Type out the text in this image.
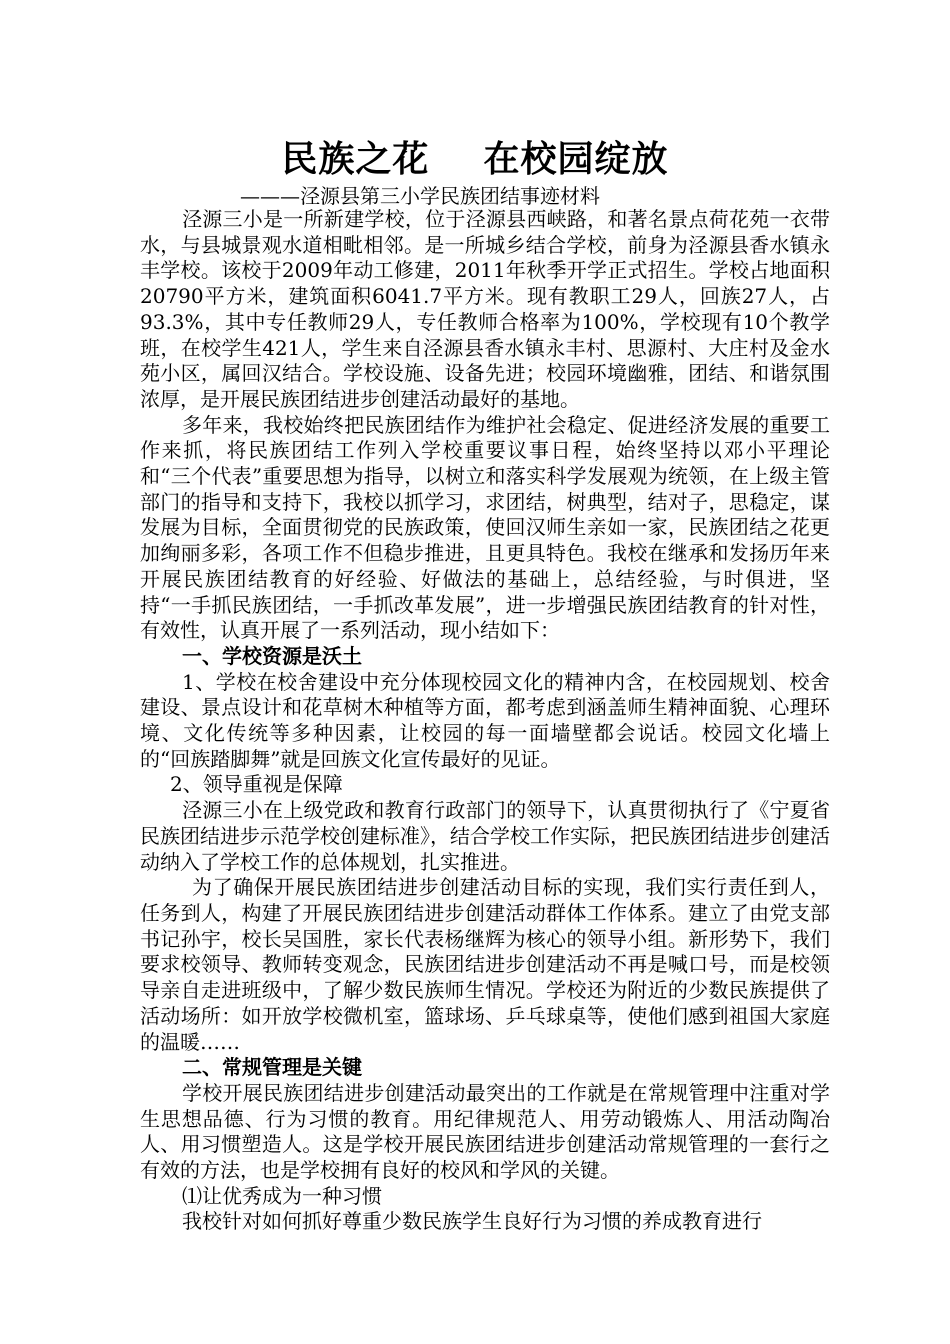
民族之花    在校园绽放

———泾源县第三小学民族团结事迹材料

泾源三小是一所新建学校，位于泾源县西峡路，和著名景点荷花苑一衣带水，与县城景观水道相毗相邻。是一所城乡结合学校，前身为泾源县香水镇永丰学校。该校于2009年动工修建，2011年秋季开学正式招生。学校占地面积20790平方米，建筑面积6041.7平方米。现有教职工29人，回族27人，占93.3%，其中专任教师29人，专任教师合格率为100%，学校现有10个教学班，在校学生421人，学生来自泾源县香水镇永丰村、思源村、大庄村及金水苑小区，属回汉结合。学校设施、设备先进；校园环境幽雅，团结、和谐氛围浓厚，是开展民族团结进步创建活动最好的基地。

多年来，我校始终把民族团结作为维护社会稳定、促进经济发展的重要工作来抓，将民族团结工作列入学校重要议事日程，始终坚持以邓小平理论和“三个代表”重要思想为指导，以树立和落实科学发展观为统领，在上级主管部门的指导和支持下，我校以抓学习，求团结，树典型，结对子，思稳定，谋发展为目标，全面贯彻党的民族政策，使回汉师生亲如一家，民族团结之花更加绚丽多彩，各项工作不但稳步推进，且更具特色。我校在继承和发扬历年来开展民族团结教育的好经验、好做法的基础上，总结经验，与时俱进，坚持“一手抓民族团结，一手抓改革发展”，进一步增强民族团结教育的针对性，有效性，认真开展了一系列活动，现小结如下：

一、学校资源是沃土

1、学校在校舍建设中充分体现校园文化的精神内含，在校园规划、校舍建设、景点设计和花草树木种植等方面，都考虑到涵盖师生精神面貌、心理环境、文化传统等多种因素，让校园的每一面墙壁都会说话。校园文化墙上的“回族踏脚舞”就是回族文化宣传最好的见证。

2、领导重视是保障

泾源三小在上级党政和教育行政部门的领导下，认真贯彻执行了《宁夏省民族团结进步示范学校创建标准》，结合学校工作实际，把民族团结进步创建活动纳入了学校工作的总体规划，扎实推进。

为了确保开展民族团结进步创建活动目标的实现，我们实行责任到人，任务到人，构建了开展民族团结进步创建活动群体工作体系。建立了由党支部书记孙宇，校长吴国胜，家长代表杨继辉为核心的领导小组。新形势下，我们要求校领导、教师转变观念，民族团结进步创建活动不再是喊口号，而是校领导亲自走进班级中，了解少数民族师生情况。学校还为附近的少数民族提供了活动场所：如开放学校微机室，篮球场、乒乓球桌等，使他们感到祖国大家庭的温暖……

二、常规管理是关键

学校开展民族团结进步创建活动最突出的工作就是在常规管理中注重对学生思想品德、行为习惯的教育。用纪律规范人、用劳动锻炼人、用活动陶冶人、用习惯塑造人。这是学校开展民族团结进步创建活动常规管理的一套行之有效的方法，也是学校拥有良好的校风和学风的关键。

⑴让优秀成为一种习惯

我校针对如何抓好尊重少数民族学生良好行为习惯的养成教育进行
